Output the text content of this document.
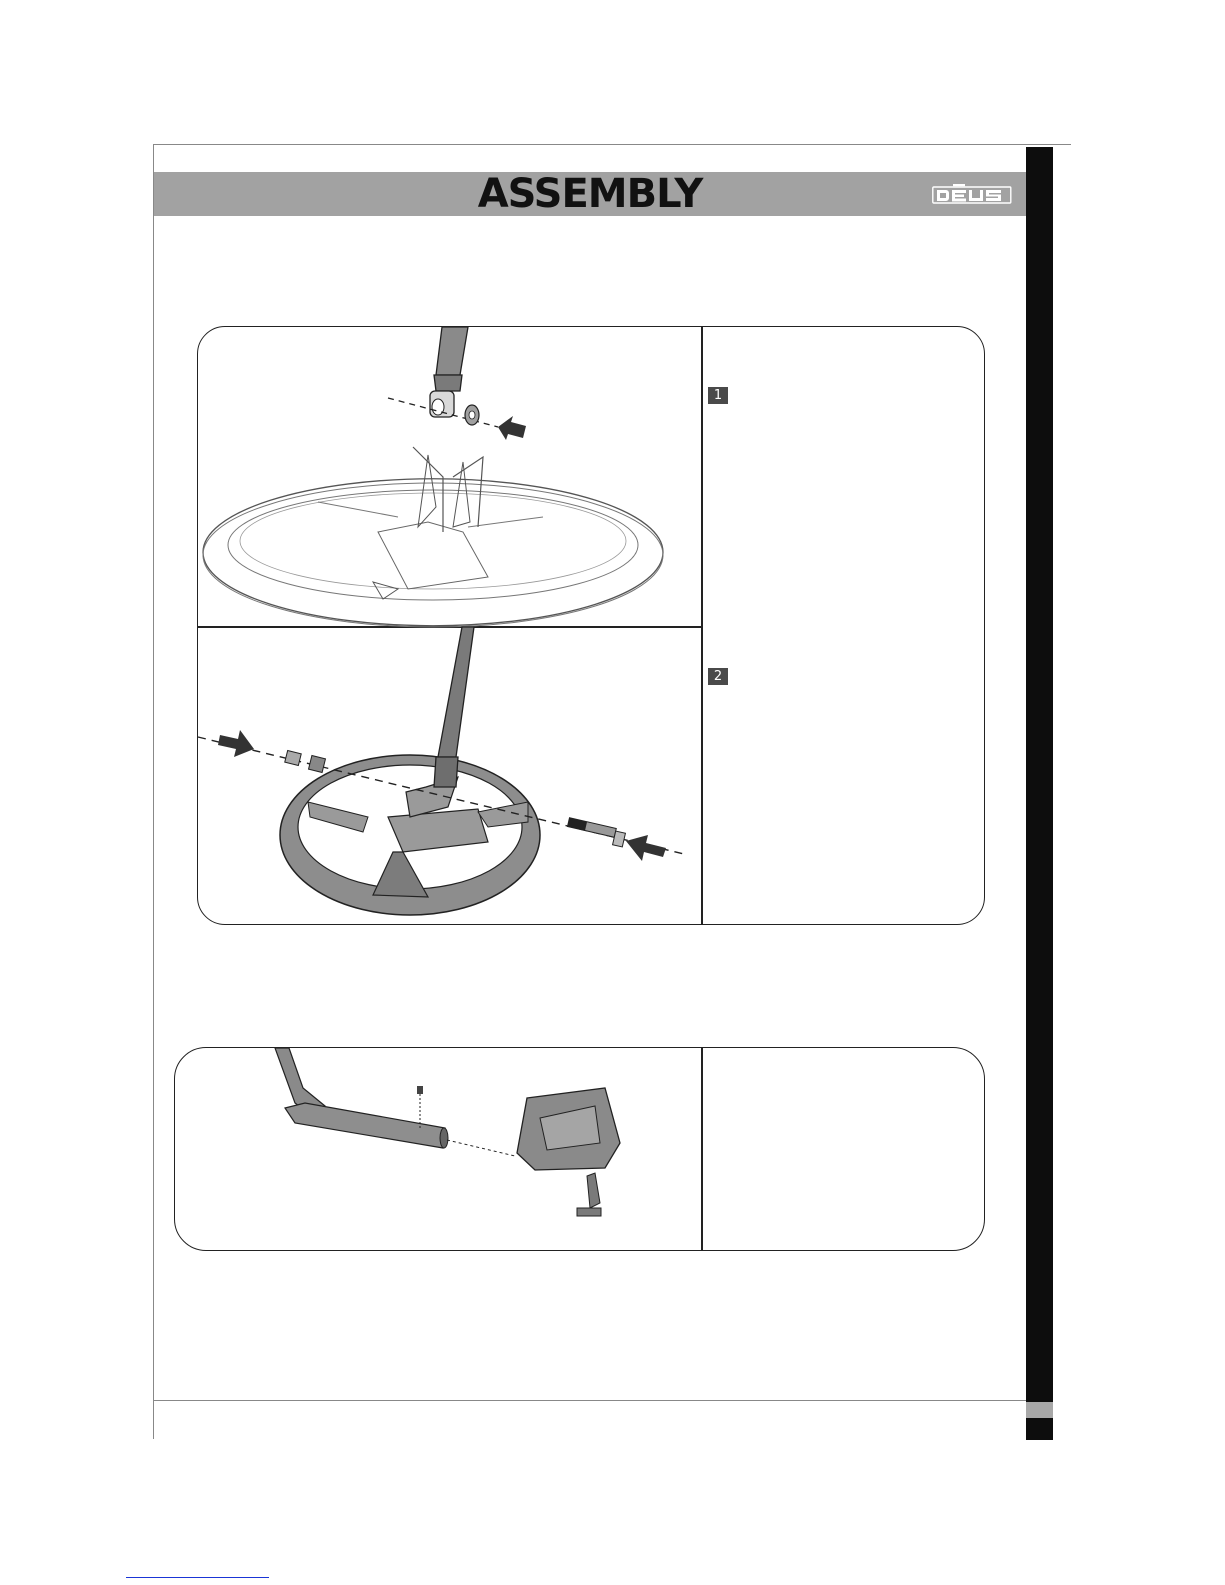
ASSEMBLY
1
2
